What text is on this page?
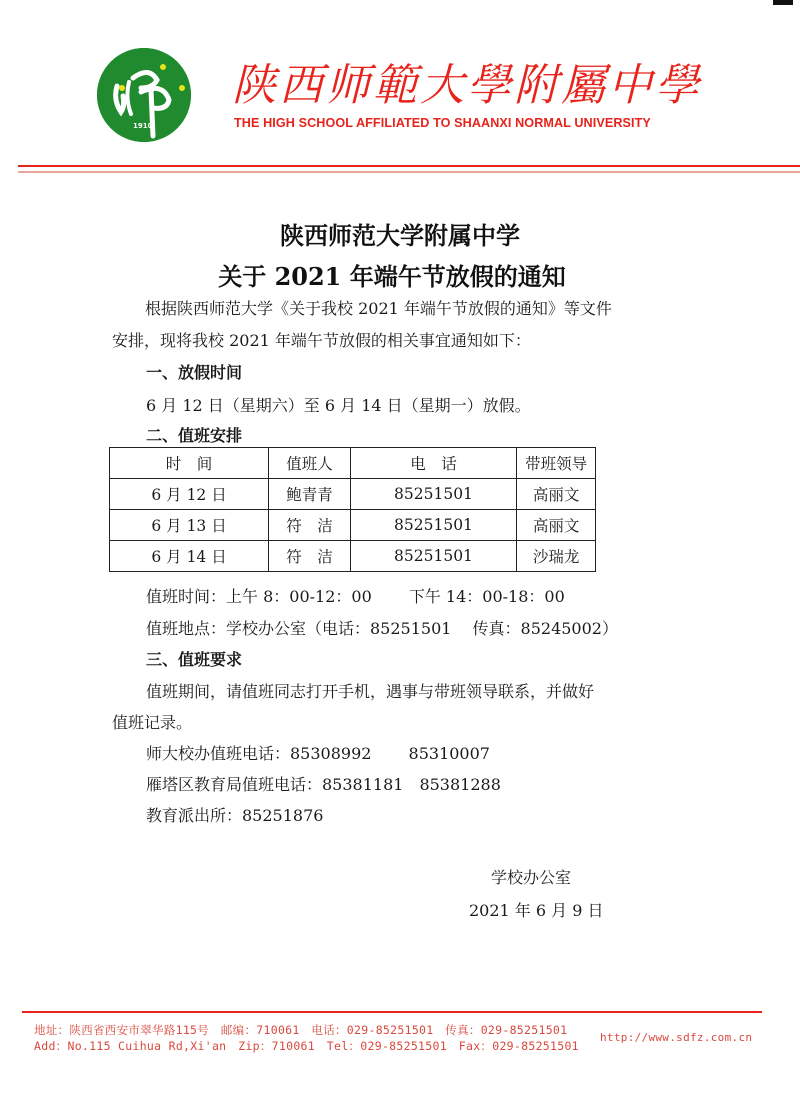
1910
陕西师範大學附屬中學
THE HIGH SCHOOL AFFILIATED TO SHAANXI NORMAL UNIVERSITY
陕西师范大学附属中学
关于 2021 年端午节放假的通知
根据陕西师范大学《关于我校 2021 年端午节放假的通知》等文件
安排，现将我校 2021 年端午节放假的相关事宜通知如下：
一、放假时间
6 月 12 日（星期六）至 6 月 14 日（星期一）放假。
二、值班安排
时　间	值班人	电　话	带班领导
6 月 12 日	鲍青青	85251501	高丽文
6 月 13 日	符　洁	85251501	高丽文
6 月 14 日	符　洁	85251501	沙瑞龙
值班时间：上午 8：00-12：00　　 下午 14：00-18：00
值班地点：学校办公室（电话：85251501　 传真：85245002）
三、值班要求
值班期间，请值班同志打开手机，遇事与带班领导联系，并做好
值班记录。
师大校办值班电话：85308992　　 85310007
雁塔区教育局值班电话：85381181　85381288
教育派出所：85251876
学校办公室
2021 年 6 月 9 日
地址：陕西省西安市翠华路115号　邮编：710061　电话：029-85251501　传真：029-85251501
Add：No.115 Cuihua Rd,Xi'an　Zip：710061　Tel：029-85251501　Fax：029-85251501
http://www.sdfz.com.cn
